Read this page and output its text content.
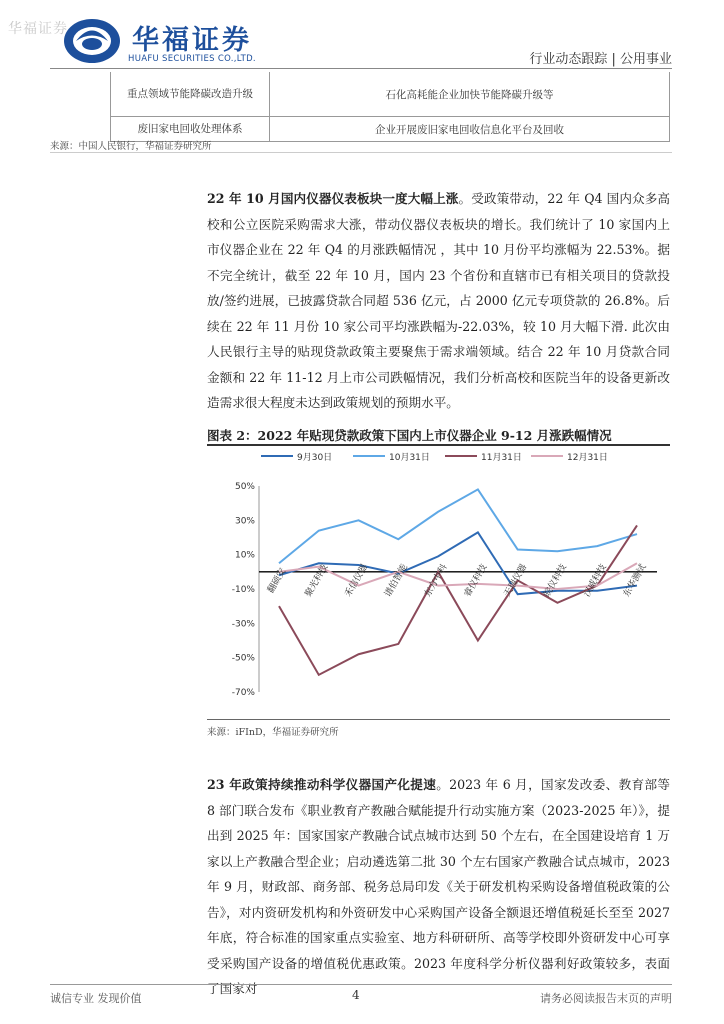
华福证券 华福证券
HUAFU SECURITIES CO.,LTD.	行业动态跟踪 | 公用事业
重点领域节能降碳改造升级	石化高耗能企业加快节能降碳升级等
废旧家电回收处理体系	企业开展废旧家电回收信息化平台及回收
来源：中国人民银行，华福证券研究所
22 年 10 月国内仪器仪表板块一度大幅上涨。受政策带动，22 年 Q4 国内众多高校和公立医院采购需求大涨，带动仪器仪表板块的增长。我们统计了 10 家国内上市仪器企业在 22 年 Q4 的月涨跌幅情况 ，其中 10 月份平均涨幅为 22.53%。据不完全统计，截至 22 年 10 月，国内 23 个省份和直辖市已有相关项目的贷款投放/签约进展，已披露贷款合同超 536 亿元，占 2000 亿元专项贷款的 26.8%。后续在 22 年 11 月份 10 家公司平均涨跌幅为-22.03%，较 10 月大幅下滑. 此次由人民银行主导的贴现贷款政策主要聚焦于需求端领域。结合 22 年 10 月贷款合同金额和 22 年 11-12 月上市公司跌幅情况，我们分析高校和医院当年的设备更新改造需求很大程度未达到政策规划的预期水平。
图表 2：2022 年贴现贷款政策下国内上市仪器企业 9-12 月涨跌幅情况
9月30日	10月31日	11月31日	12月31日
50%
30%
10%
-10%
-30%
-50%
-70%
翻硕安 聚光科技 禾信仪器 谱伯智能 东方中科 睿仪科技 天瑞仪器 皖仪科技 汉威科技 东华测试
来源：iFInD，华福证券研究所
23 年政策持续推动科学仪器国产化提速。2023 年 6 月，国家发改委、教育部等 8 部门联合发布《职业教育产教融合赋能提升行动实施方案（2023-2025 年）》，提出到 2025 年：国家国家产教融合试点城市达到 50 个左右，在全国建设培育 1 万家以上产教融合型企业；启动遴选第二批 30 个左右国家产教融合试点城市，2023 年 9 月，财政部、商务部、税务总局印发《关于研发机构采购设备增值税政策的公告》，对内资研发机构和外资研发中心采购国产设备全额退还增值税延长至至 2027 年底，符合标准的国家重点实验室、地方科研研所、高等学校即外资研发中心可享受采购国产设备的增值税优惠政策。2023 年度科学分析仪器利好政策较多，表面了国家对
诚信专业 发现价值	4	请务必阅读报告末页的声明
